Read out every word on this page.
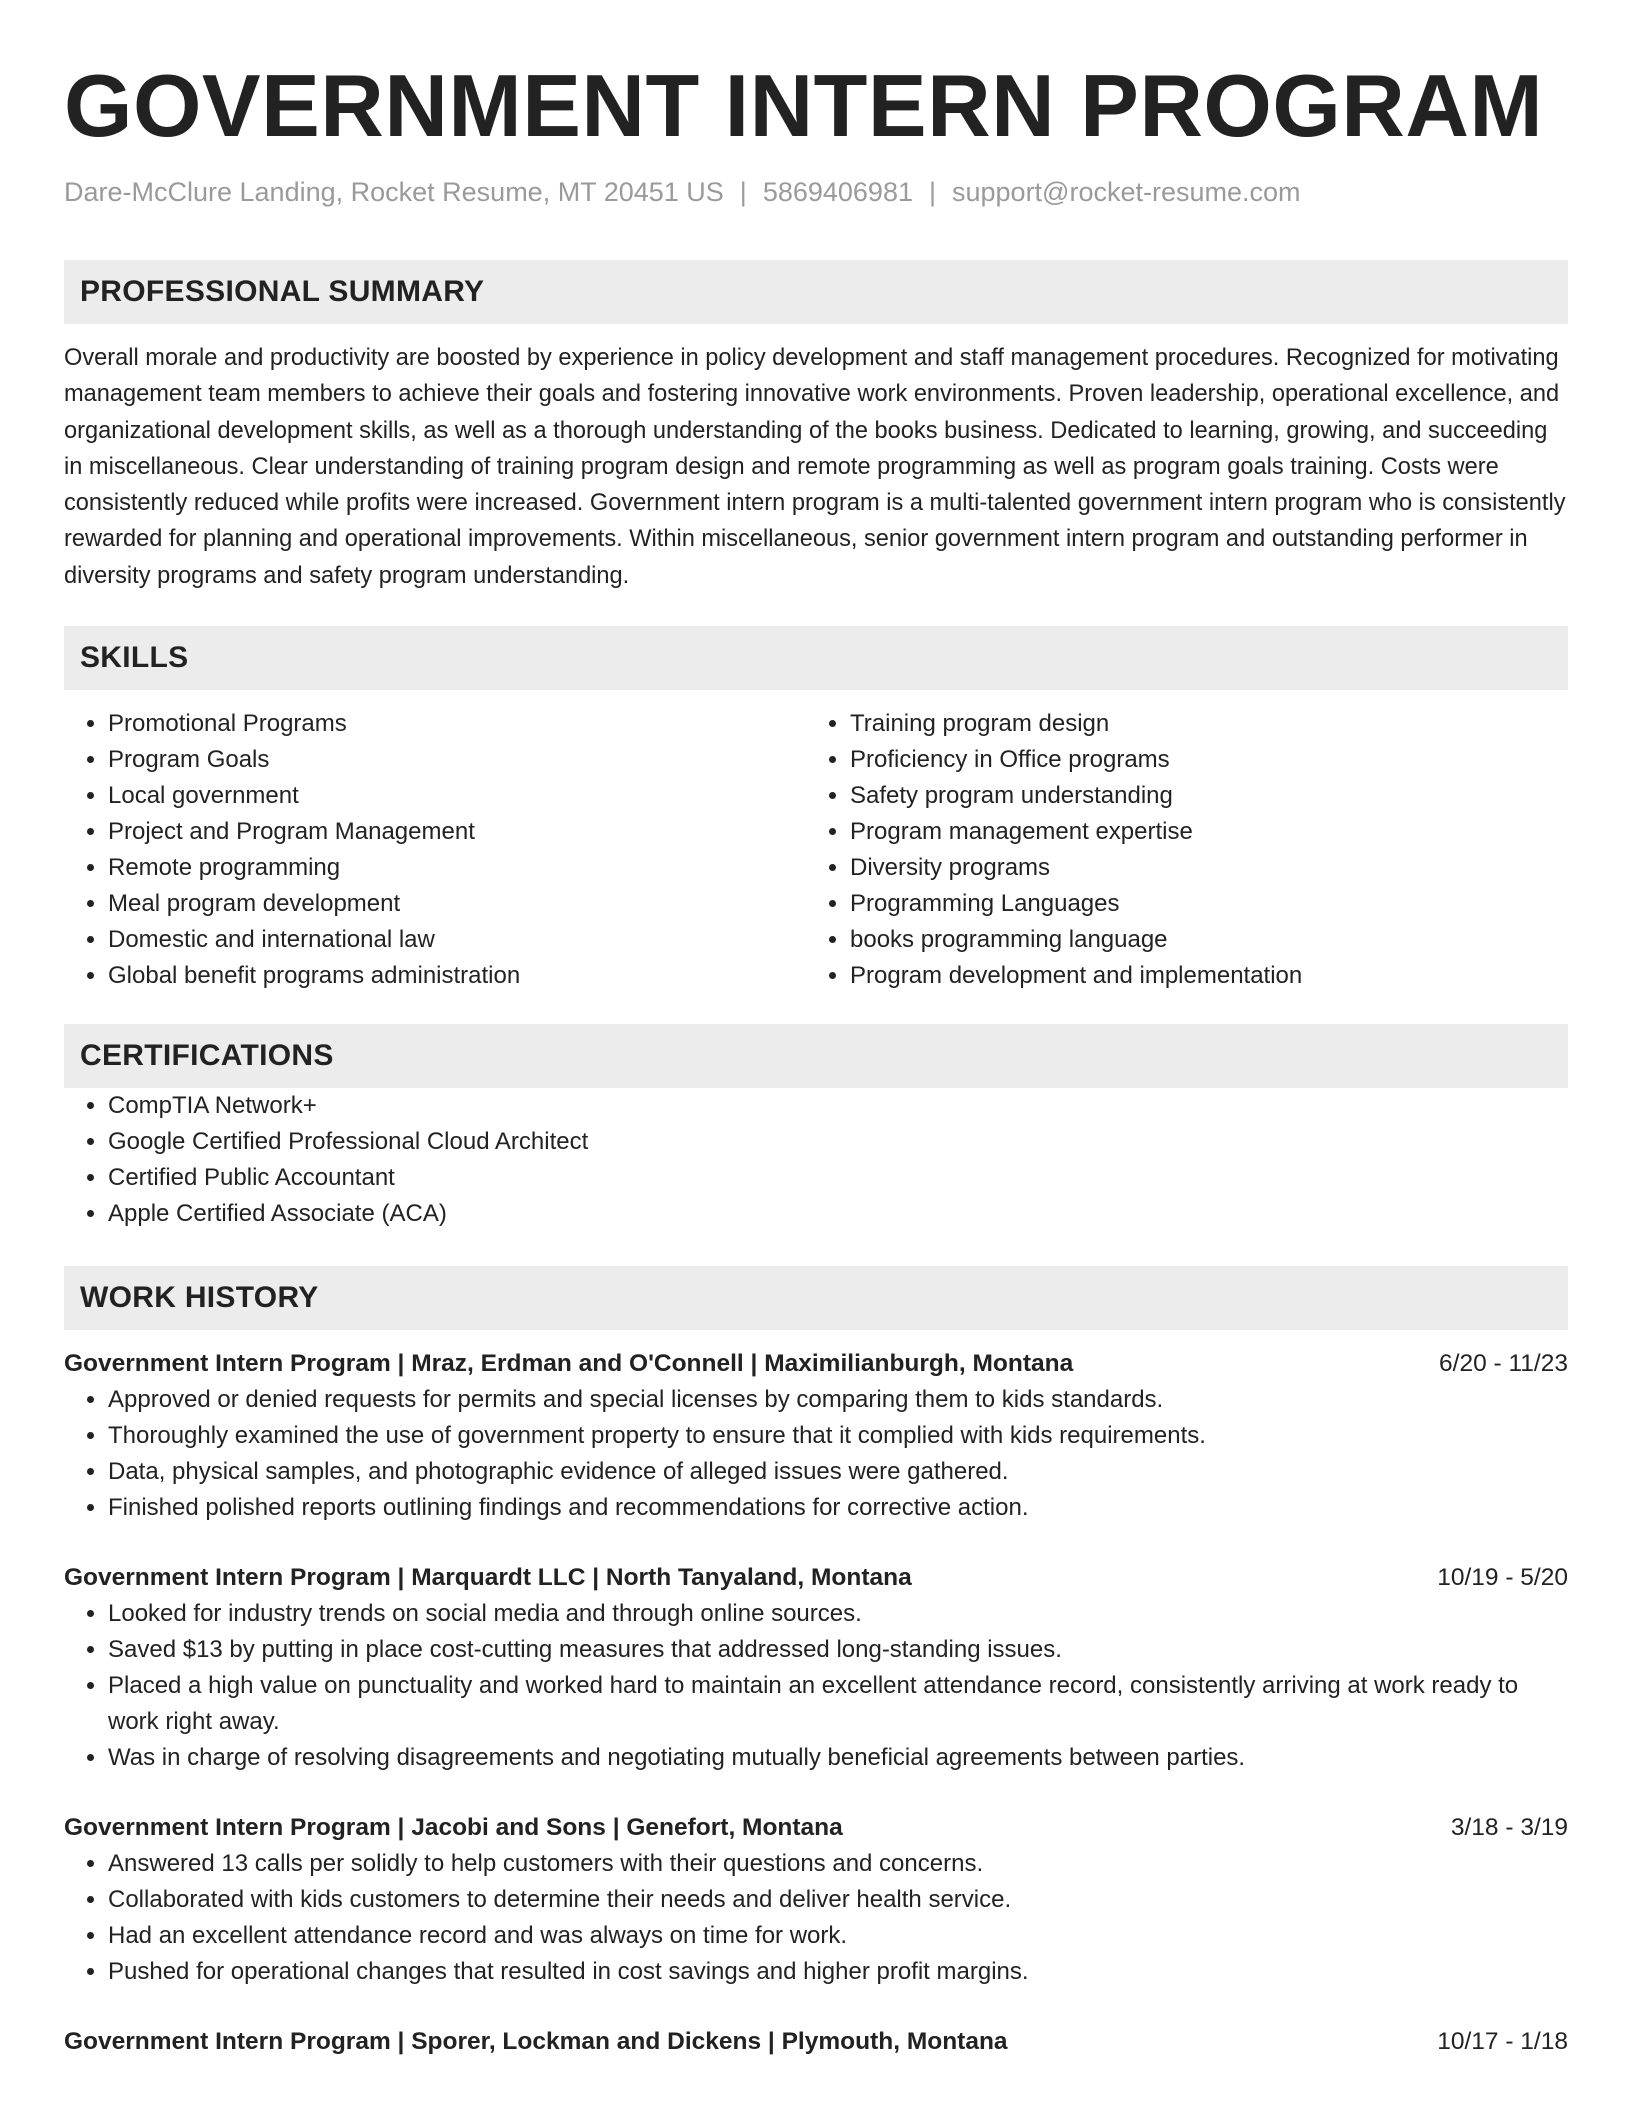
GOVERNMENT INTERN PROGRAM
Dare-McClure Landing, Rocket Resume, MT 20451 US | 5869406981 | support@rocket-resume.com
PROFESSIONAL SUMMARY

Overall morale and productivity are boosted by experience in policy development and staff management procedures. Recognized for motivating management team members to achieve their goals and fostering innovative work environments. Proven leadership, operational excellence, and organizational development skills, as well as a thorough understanding of the books business. Dedicated to learning, growing, and succeeding in miscellaneous. Clear understanding of training program design and remote programming as well as program goals training. Costs were consistently reduced while profits were increased. Government intern program is a multi-talented government intern program who is consistently rewarded for planning and operational improvements. Within miscellaneous, senior government intern program and outstanding performer in diversity programs and safety program understanding.

SKILLS
• Promotional Programs
• Program Goals
• Local government
• Project and Program Management
• Remote programming
• Meal program development
• Domestic and international law
• Global benefit programs administration
• Training program design
• Proficiency in Office programs
• Safety program understanding
• Program management expertise
• Diversity programs
• Programming Languages
• books programming language
• Program development and implementation
CERTIFICATIONS
• CompTIA Network+
• Google Certified Professional Cloud Architect
• Certified Public Accountant
• Apple Certified Associate (ACA)
WORK HISTORY
Government Intern Program | Mraz, Erdman and O'Connell | Maximilianburgh, Montana	6/20 - 11/23
• Approved or denied requests for permits and special licenses by comparing them to kids standards.
• Thoroughly examined the use of government property to ensure that it complied with kids requirements.
• Data, physical samples, and photographic evidence of alleged issues were gathered.
• Finished polished reports outlining findings and recommendations for corrective action.
Government Intern Program | Marquardt LLC | North Tanyaland, Montana	10/19 - 5/20
• Looked for industry trends on social media and through online sources.
• Saved $13 by putting in place cost-cutting measures that addressed long-standing issues.
• Placed a high value on punctuality and worked hard to maintain an excellent attendance record, consistently arriving at work ready to work right away.
• Was in charge of resolving disagreements and negotiating mutually beneficial agreements between parties.
Government Intern Program | Jacobi and Sons | Genefort, Montana	3/18 - 3/19
• Answered 13 calls per solidly to help customers with their questions and concerns.
• Collaborated with kids customers to determine their needs and deliver health service.
• Had an excellent attendance record and was always on time for work.
• Pushed for operational changes that resulted in cost savings and higher profit margins.
Government Intern Program | Sporer, Lockman and Dickens | Plymouth, Montana	10/17 - 1/18
